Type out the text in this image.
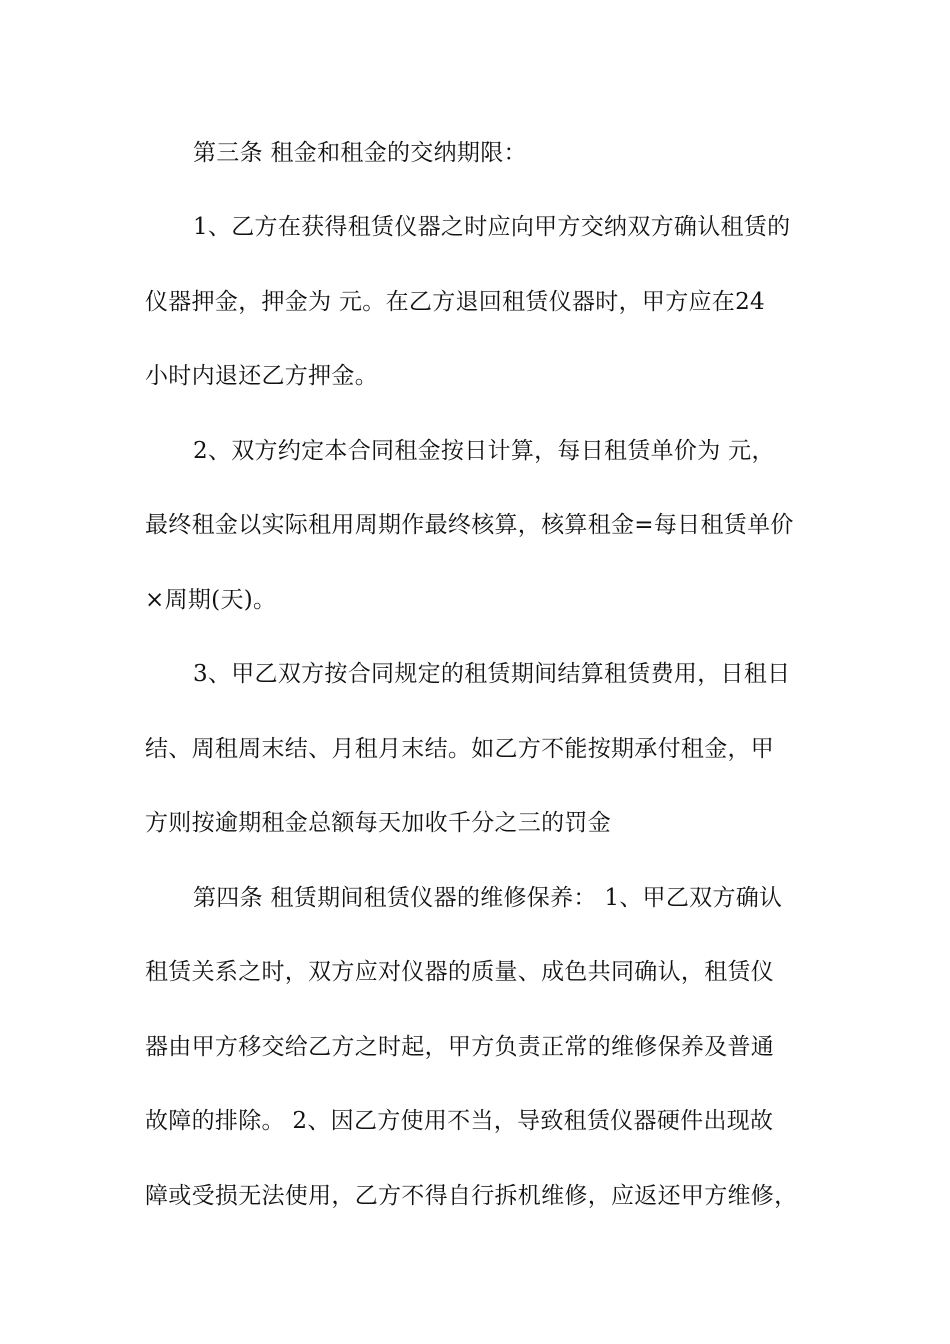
第三条 租金和租金的交纳期限：
1、乙方在获得租赁仪器之时应向甲方交纳双方确认租赁的
仪器押金，押金为 元。在乙方退回租赁仪器时，甲方应在24
小时内退还乙方押金。
2、双方约定本合同租金按日计算，每日租赁单价为 元，
最终租金以实际租用周期作最终核算，核算租金=每日租赁单价
×周期(天)。
3、甲乙双方按合同规定的租赁期间结算租赁费用，日租日
结、周租周末结、月租月末结。如乙方不能按期承付租金，甲
方则按逾期租金总额每天加收千分之三的罚金
第四条 租赁期间租赁仪器的维修保养： 1、甲乙双方确认
租赁关系之时，双方应对仪器的质量、成色共同确认，租赁仪
器由甲方移交给乙方之时起，甲方负责正常的维修保养及普通
故障的排除。 2、因乙方使用不当，导致租赁仪器硬件出现故
障或受损无法使用，乙方不得自行拆机维修，应返还甲方维修，
